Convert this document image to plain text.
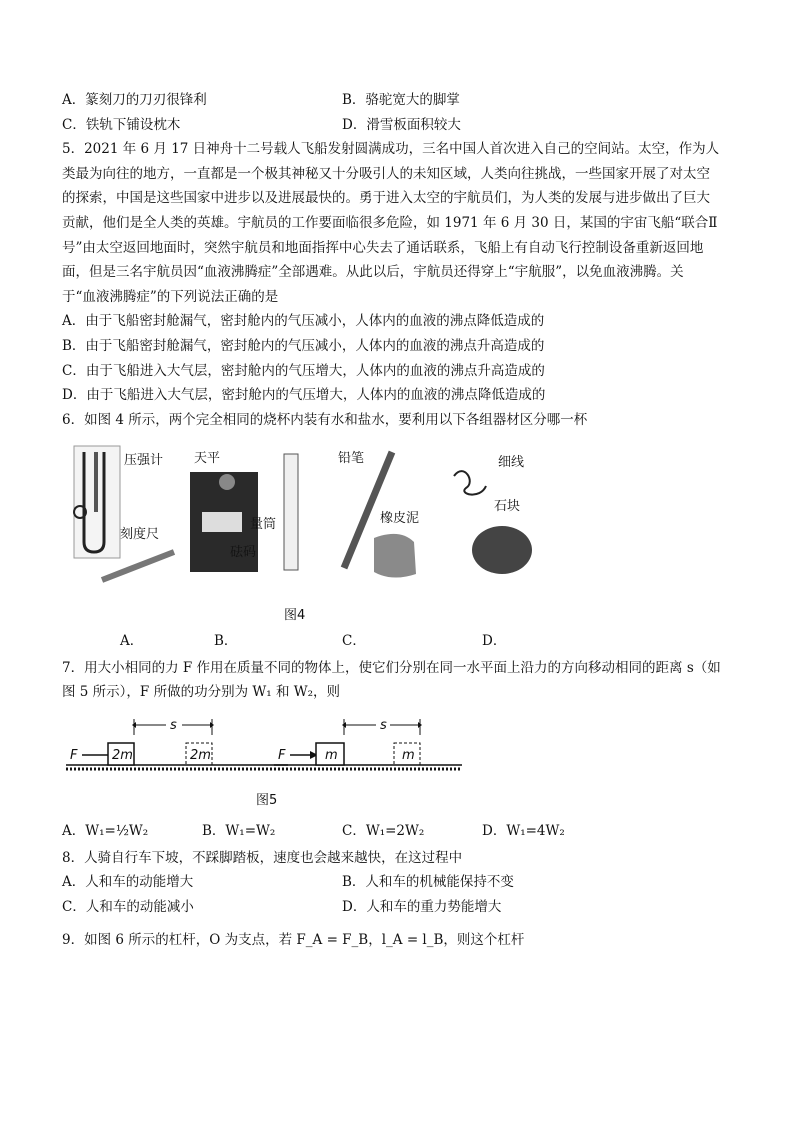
A．篆刻刀的刀刃很锋利	B．骆驼宽大的脚掌
C．铁轨下铺设枕木	D．滑雪板面积较大
5．2021 年 6 月 17 日神舟十二号载人飞船发射圆满成功，三名中国人首次进入自己的空间站。太空，作为人
类最为向往的地方，一直都是一个极其神秘又十分吸引人的未知区域，人类向往挑战，一些国家开展了对太空
的探索，中国是这些国家中进步以及进展最快的。勇于进入太空的宇航员们，为人类的发展与进步做出了巨大
贡献，他们是全人类的英雄。宇航员的工作要面临很多危险，如 1971 年 6 月 30 日，某国的宇宙飞船“联合Ⅱ
号”由太空返回地面时，突然宇航员和地面指挥中心失去了通话联系，飞船上有自动飞行控制设备重新返回地
面，但是三名宇航员因“血液沸腾症”全部遇难。从此以后，宇航员还得穿上“宇航服”，以免血液沸腾。关
于“血液沸腾症”的下列说法正确的是
A．由于飞船密封舱漏气，密封舱内的气压减小，人体内的血液的沸点降低造成的
B．由于飞船密封舱漏气，密封舱内的气压减小，人体内的血液的沸点升高造成的
C．由于飞船进入大气层，密封舱内的气压增大，人体内的血液的沸点升高造成的
D．由于飞船进入大气层，密封舱内的气压增大，人体内的血液的沸点降低造成的
6．如图 4 所示，两个完全相同的烧杯内装有水和盐水，要利用以下各组器材区分哪一杯
压强计
刻度尺
天平
量筒
砝码
铅笔
橡皮泥
细线
石块
图4
A．	B．	C．	D．
7．用大小相同的力 F 作用在质量不同的物体上，使它们分别在同一水平面上沿力的方向移动相同的距离 s（如
图 5 所示），F 所做的功分别为 W₁ 和 W₂，则
F	2m	2m
s
F	m	m
s
图5
A．W₁=½W₂	B．W₁=W₂	C．W₁=2W₂	D．W₁=4W₂
8．人骑自行车下坡，不踩脚踏板，速度也会越来越快，在这过程中
A．人和车的动能增大	B．人和车的机械能保持不变
C．人和车的动能减小	D．人和车的重力势能增大
9．如图 6 所示的杠杆，O 为支点，若 F_A = F_B，l_A = l_B，则这个杠杆
